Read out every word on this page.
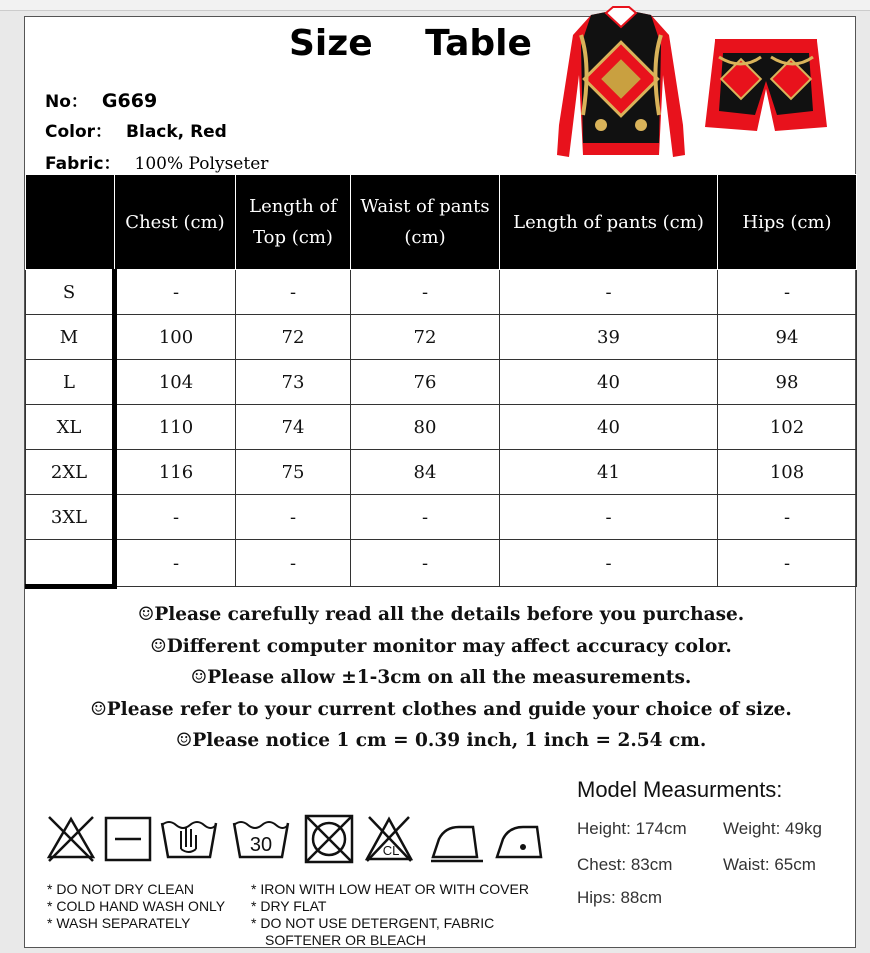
Size Table
No： G669
Color： Black, Red
Fabric： 100% Polyseter
	Chest (cm)	Length of Top (cm)	Waist of pants (cm)	Length of pants (cm)	Hips (cm)
S	-	-	-	-	-
M	100	72	72	39	94
L	104	73	76	40	98
XL	110	74	80	40	102
2XL	116	75	84	41	108
3XL	-	-	-	-	-
	-	-	-	-	-
☺Please carefully read all the details before you purchase.
☺Different computer monitor may affect accuracy color.
☺Please allow ±1-3cm on all the measurements.
☺Please refer to your current clothes and guide your choice of size.
☺Please notice 1 cm = 0.39 inch, 1 inch = 2.54 cm.
30	CL
* DO NOT DRY CLEAN
* COLD HAND WASH ONLY
* WASH SEPARATELY
* IRON WITH LOW HEAT OR WITH COVER
* DRY FLAT
* DO NOT USE DETERGENT, FABRIC
SOFTENER OR BLEACH
Model Measurments:
Height: 174cm Weight: 49kg
Chest: 83cm	Waist: 65cm
Hips: 88cm
